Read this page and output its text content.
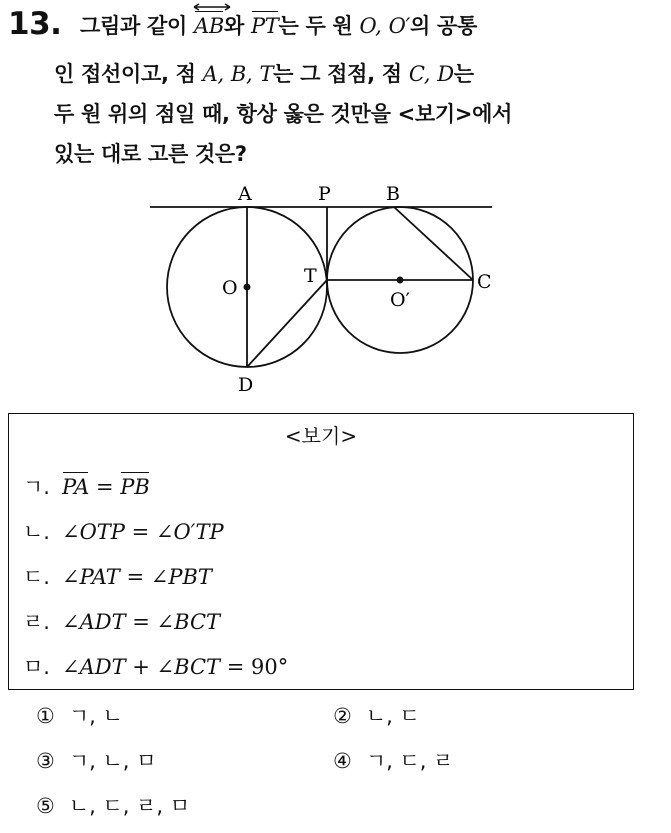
13. 그림과 같이
AB와 PT는 두 원 O, O′의 공통
인 접선이고, 점 A, B, T는 그 접점, 점 C, D는
두 원 위의 점일 때, 항상 옳은 것만을 <보기>에서
있는 대로 고른 것은?
A	P	B
O
T
O′
C
D
<보기>
ㄱ. PA = PB
ㄴ. ∠OTP = ∠O′TP
ㄷ. ∠PAT = ∠PBT
ㄹ. ∠ADT = ∠BCT
ㅁ. ∠ADT + ∠BCT = 90°
① ㄱ, ㄴ	② ㄴ, ㄷ
③ ㄱ, ㄴ, ㅁ	④ ㄱ, ㄷ, ㄹ
⑤ ㄴ, ㄷ, ㄹ, ㅁ
